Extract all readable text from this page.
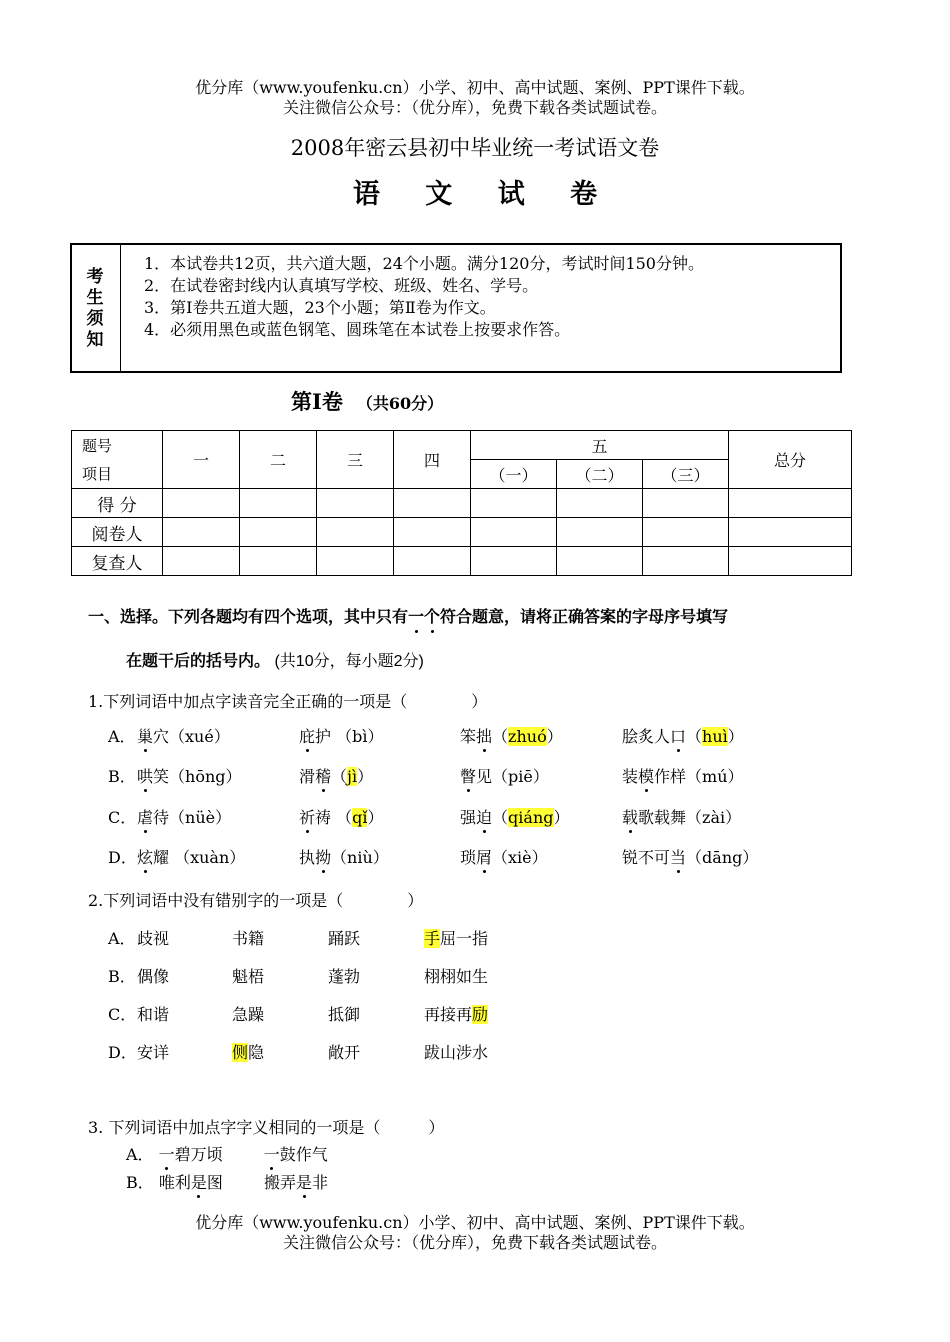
优分库（www.youfenku.cn）小学、初中、高中试题、案例、PPT课件下载。
关注微信公众号：（优分库），免费下载各类试题试卷。
2008年密云县初中毕业统一考试语文卷
语 文 试 卷
考生须知
1．本试卷共12页，共六道大题，24个小题。满分120分，考试时间150分钟。
2．在试卷密封线内认真填写学校、班级、姓名、学号。
3．第Ⅰ卷共五道大题，23个小题；第Ⅱ卷为作文。
4．必须用黑色或蓝色钢笔、圆珠笔在本试卷上按要求作答。
第Ⅰ卷 （共60分）
题号
项目	一	二	三	四	五			总分
					（一）	（二）	（三）	
得 分								
阅卷人								
复查人								
一、选择。下列各题均有四个选项，其中只有一个符合题意，请将正确答案的字母序号填写
在题干后的括号内。 (共10分，每小题2分)
1.下列词语中加点字读音完全正确的一项是（　　　　）
A． 巢穴（xué）	庇护 （bì）	笨拙（zhuó）	脍炙人口（huì）
B． 哄笑（hōng）	滑稽（jì）	瞥见（piē）	装模作样（mú）
C． 虐待（nüè）	祈祷 （qǐ）	强迫（qiáng）	载歌载舞（zài）
D． 炫耀 （xuàn）	执拗（niù）	琐屑（xiè）	锐不可当（dāng）
2.下列词语中没有错别字的一项是（　　　　）
A． 歧视	书籍	踊跃	手屈一指
B． 偶像	魁梧	蓬勃	栩栩如生
C． 和谐	急躁	抵御	再接再励
D． 安详	侧隐	敞开	跋山涉水
3. 下列词语中加点字字义相同的一项是（　　　）
A． 一碧万顷	一鼓作气
B． 唯利是图	搬弄是非
优分库（www.youfenku.cn）小学、初中、高中试题、案例、PPT课件下载。
关注微信公众号：（优分库），免费下载各类试题试卷。
